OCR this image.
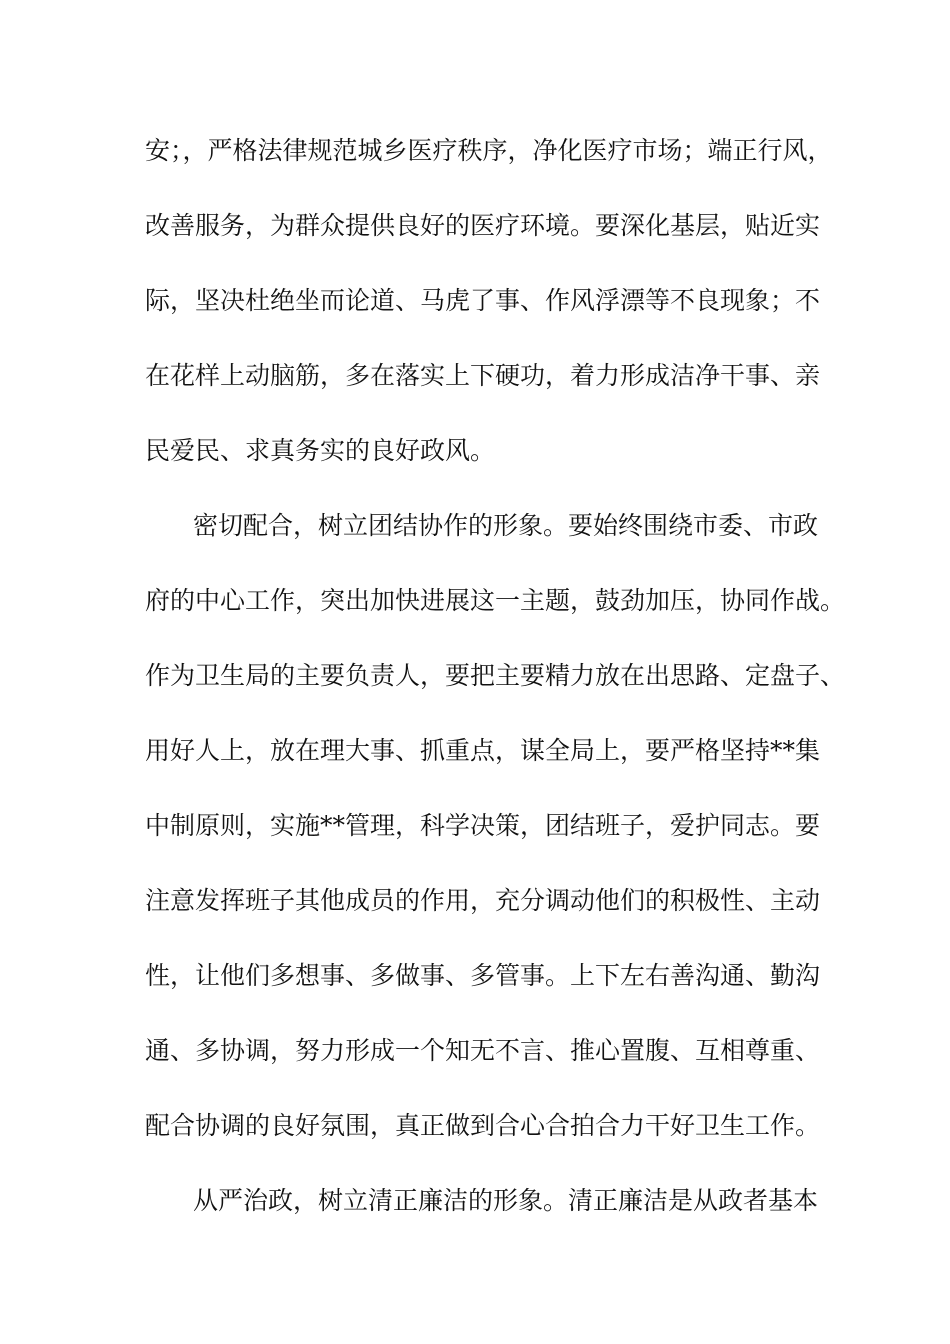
安；，严格法律规范城乡医疗秩序，净化医疗市场；端正行风，

改善服务，为群众提供良好的医疗环境。要深化基层，贴近实

际，坚决杜绝坐而论道、马虎了事、作风浮漂等不良现象；不

在花样上动脑筋，多在落实上下硬功，着力形成洁净干事、亲

民爱民、求真务实的良好政风。

密切配合，树立团结协作的形象。要始终围绕市委、市政

府的中心工作，突出加快进展这一主题，鼓劲加压，协同作战。

作为卫生局的主要负责人，要把主要精力放在出思路、定盘子、

用好人上，放在理大事、抓重点，谋全局上，要严格坚持**集

中制原则，实施**管理，科学决策，团结班子，爱护同志。要

注意发挥班子其他成员的作用，充分调动他们的积极性、主动

性，让他们多想事、多做事、多管事。上下左右善沟通、勤沟

通、多协调，努力形成一个知无不言、推心置腹、互相尊重、

配合协调的良好氛围，真正做到合心合拍合力干好卫生工作。

从严治政，树立清正廉洁的形象。清正廉洁是从政者基本
